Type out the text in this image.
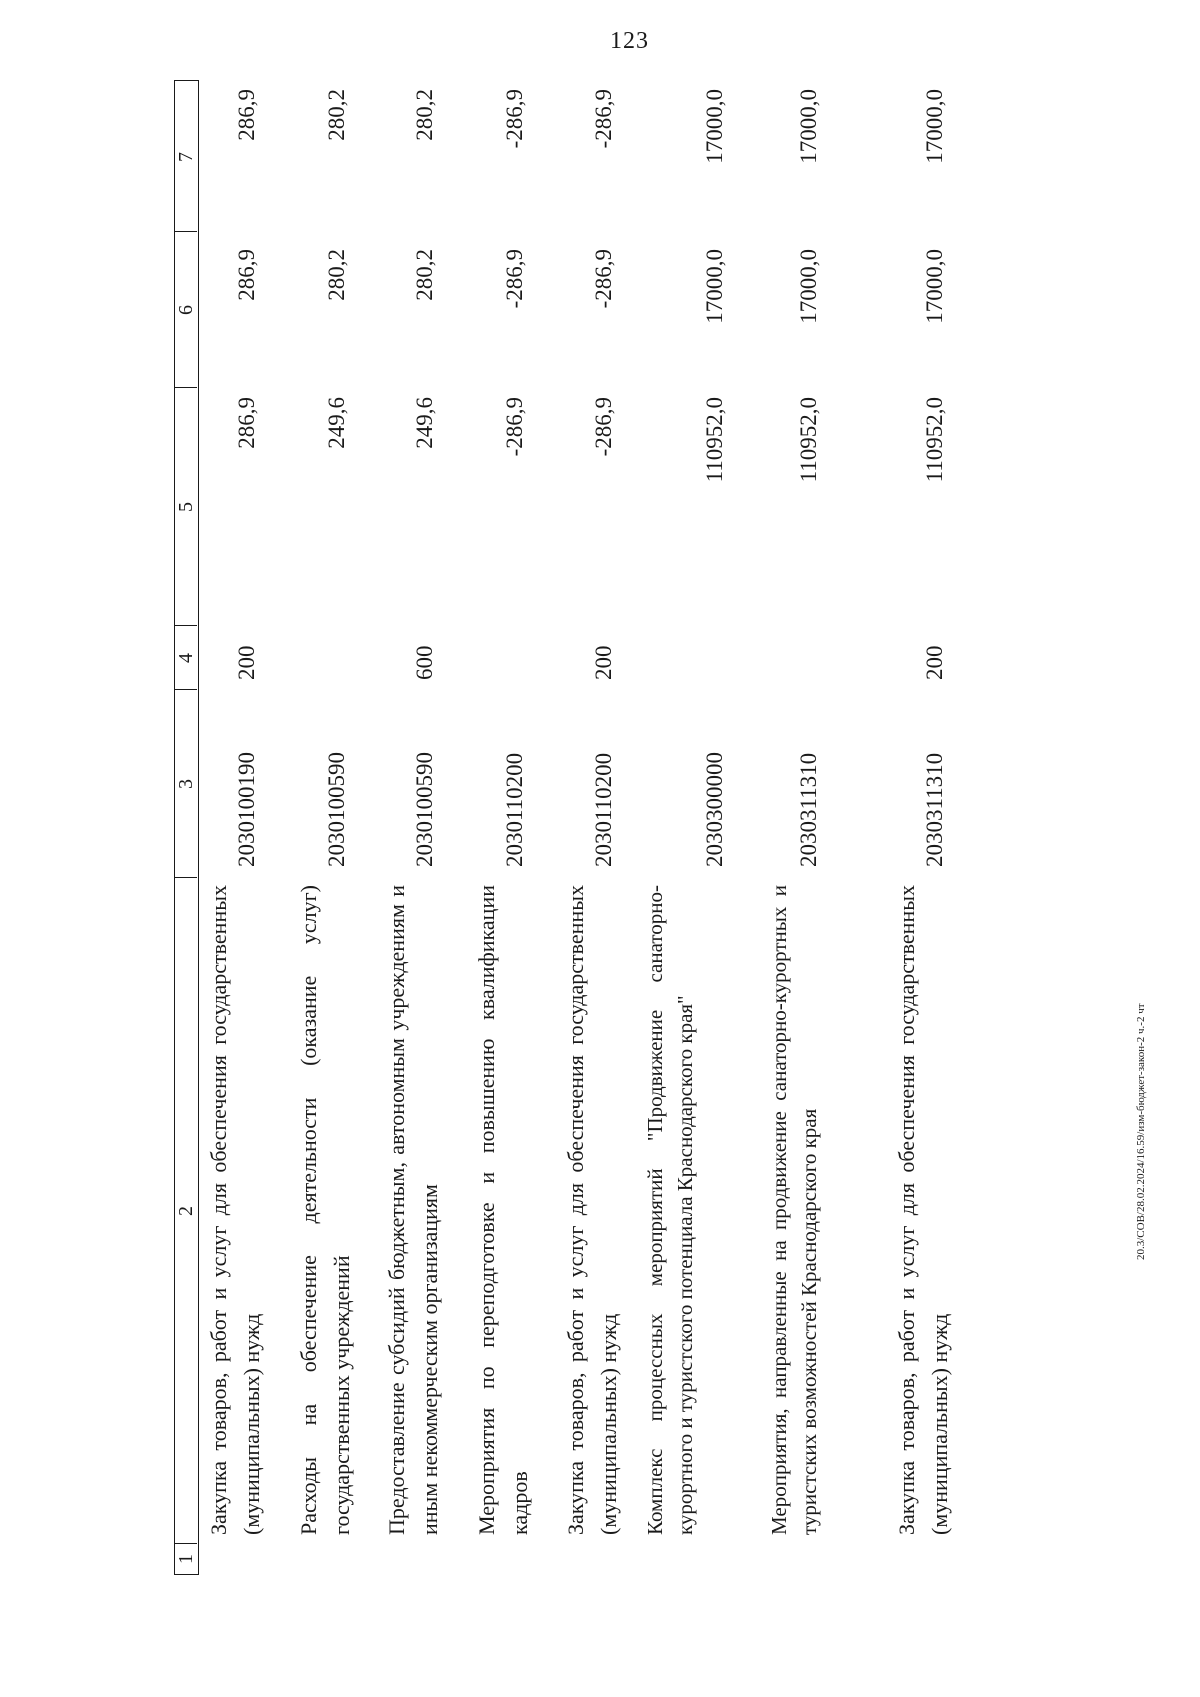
123
20.3/СОВ/28.02.2024/16.59/изм-бюджет-закон-2 ч.-2 чт
1
2
3
4
5
6
7
Закупка товаров, работ и услуг для обеспечения государственных (муниципальных) нужд
2030100190
200
286,9
286,9
286,9
Расходы на обеспечение деятельности (оказание услуг) государственных учреждений
2030100590
249,6
280,2
280,2
Предоставление субсидий бюджетным, автономным учреждениям и иным некоммерческим организациям
2030100590
600
249,6
280,2
280,2
Мероприятия по переподготовке и повышению квалификации кадров
2030110200
-286,9
-286,9
-286,9
Закупка товаров, работ и услуг для обеспечения государственных (муниципальных) нужд
2030110200
200
-286,9
-286,9
-286,9
Комплекс процессных мероприятий "Продвижение санаторно-курортного и туристского потенциала Краснодарского края"
2030300000
110952,0
17000,0
17000,0
Мероприятия, направленные на продвижение санаторно-курортных и туристских возможностей Краснодарского края
2030311310
110952,0
17000,0
17000,0
Закупка товаров, работ и услуг для обеспечения государственных (муниципальных) нужд
2030311310
200
110952,0
17000,0
17000,0
